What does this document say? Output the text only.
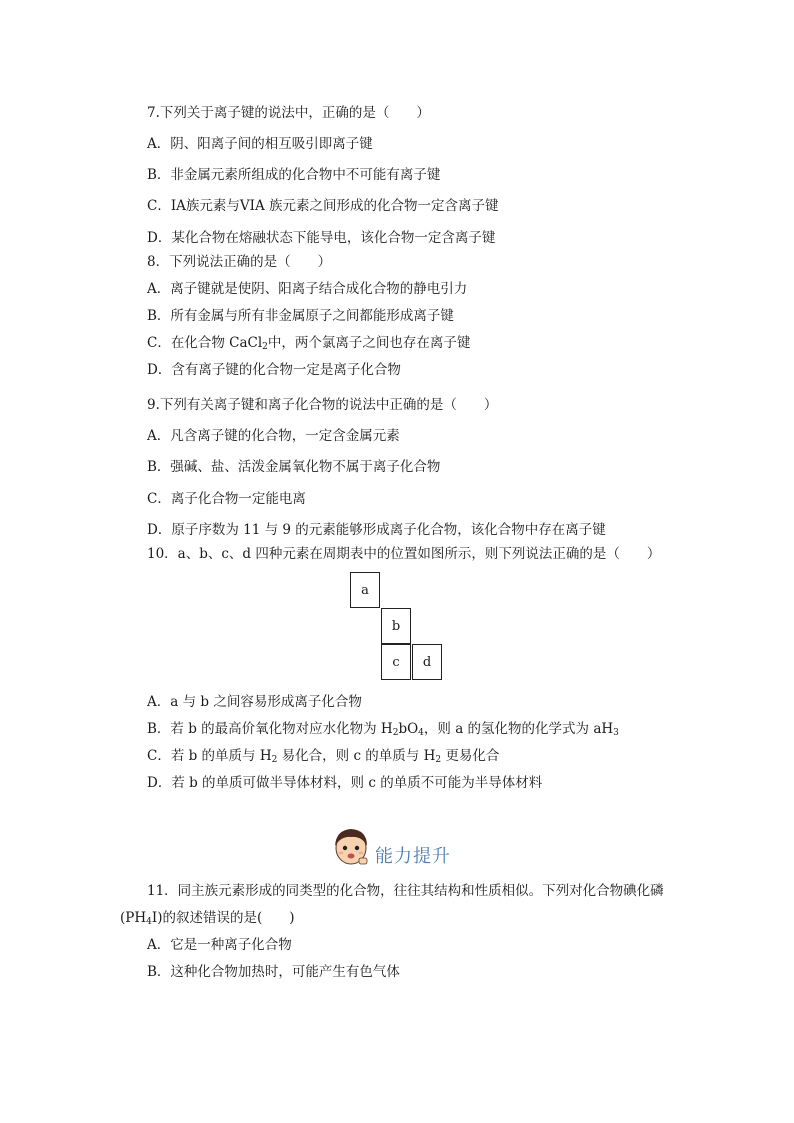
7.下列关于离子键的说法中，正确的是（　　）
A．阴、阳离子间的相互吸引即离子键
B．非金属元素所组成的化合物中不可能有离子键
C．ⅠA族元素与VIA 族元素之间形成的化合物一定含离子键
D．某化合物在熔融状态下能导电，该化合物一定含离子键
8．下列说法正确的是（　　）
A．离子键就是使阴、阳离子结合成化合物的静电引力
B．所有金属与所有非金属原子之间都能形成离子键
C．在化合物 CaCl$_2$中，两个氯离子之间也存在离子键
D．含有离子键的化合物一定是离子化合物
9.下列有关离子键和离子化合物的说法中正确的是（　　）
A．凡含离子键的化合物，一定含金属元素
B．强碱、盐、活泼金属氧化物不属于离子化合物
C．离子化合物一定能电离
D．原子序数为 11 与 9 的元素能够形成离子化合物，该化合物中存在离子键
10．a、b、c、d 四种元素在周期表中的位置如图所示，则下列说法正确的是（　　）
a
b
c	d
A．a 与 b 之间容易形成离子化合物
B．若 b 的最高价氧化物对应水化物为 $H_2bO_4$，则 a 的氢化物的化学式为 $aH_3$
C．若 b 的单质与 $H_2$ 易化合，则 c 的单质与 $H_2$ 更易化合
D．若 b 的单质可做半导体材料，则 c 的单质不可能为半导体材料
能力提升
11．同主族元素形成的同类型的化合物，往往其结构和性质相似。下列对化合物碘化磷
$(PH_4I)$的叙述错误的是(　　)
A．它是一种离子化合物
B．这种化合物加热时，可能产生有色气体
